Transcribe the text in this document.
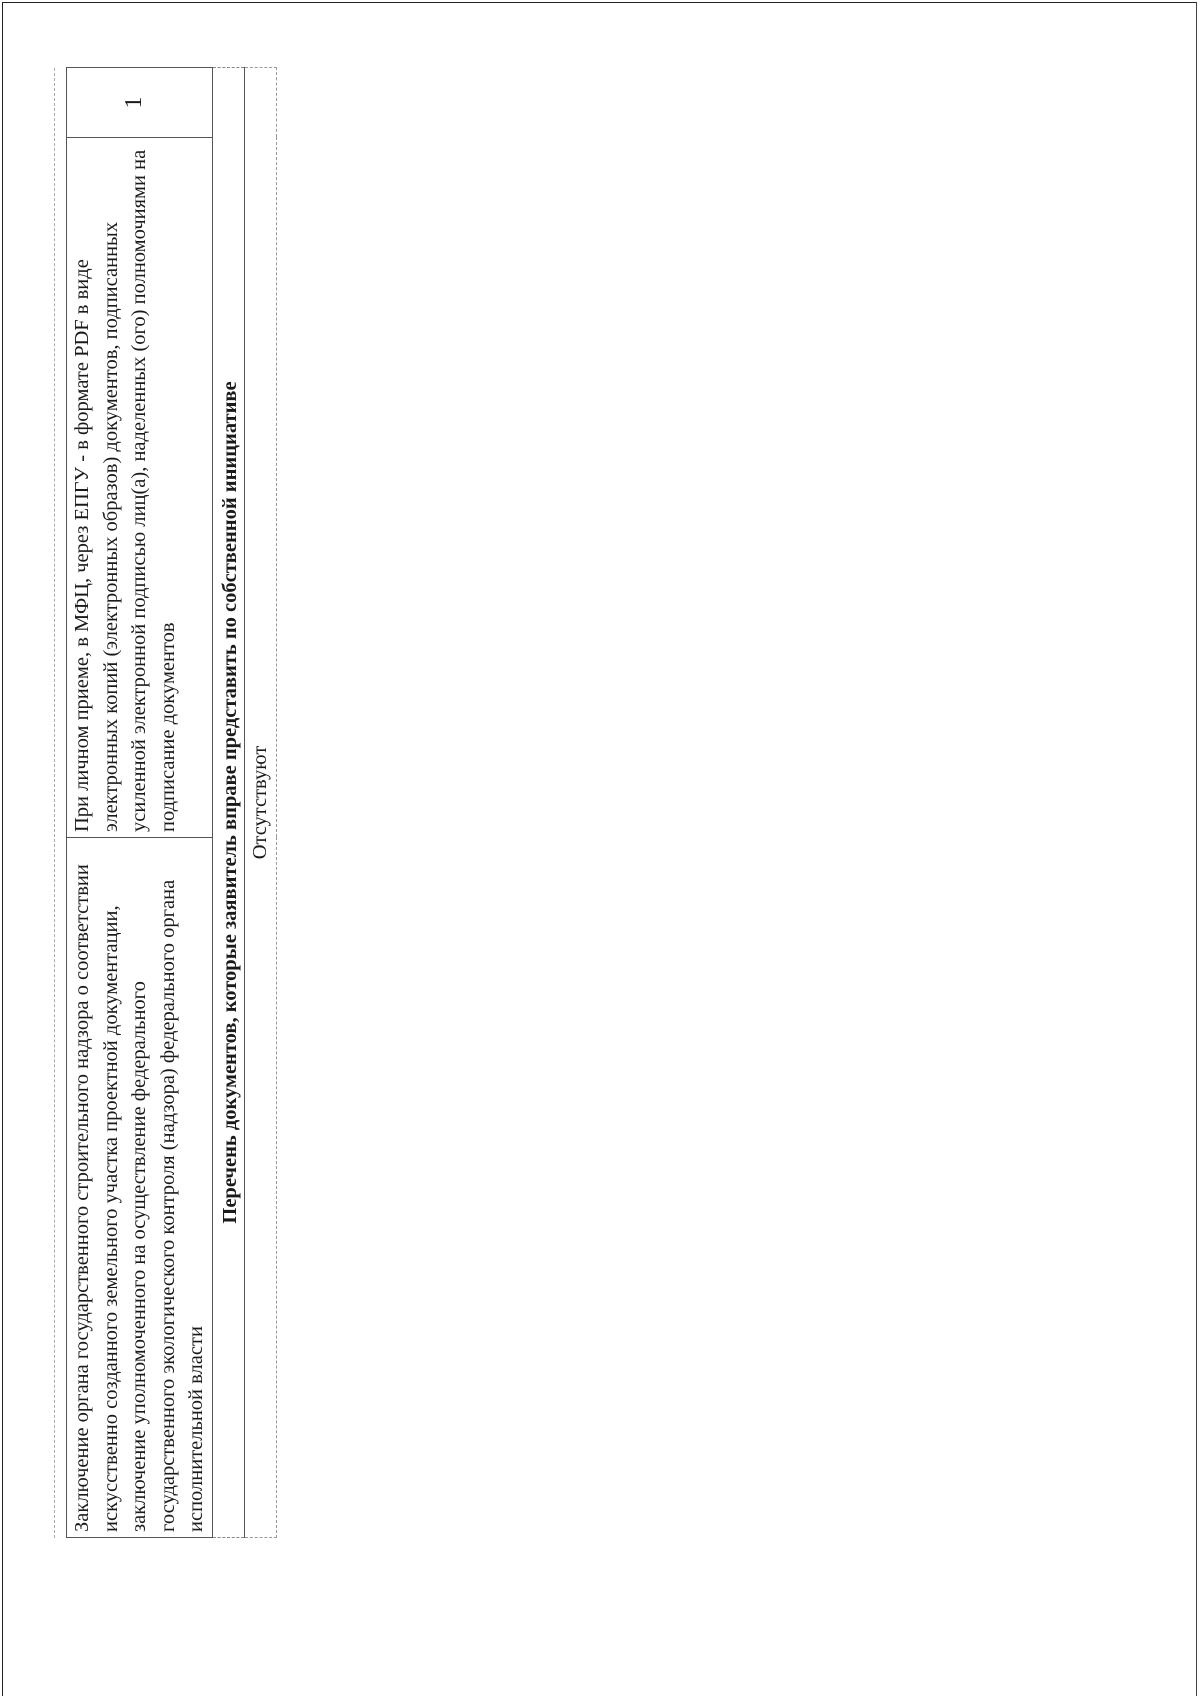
Заключение органа государственного строительного надзора о соответствии искусственно созданного земельного участка проектной документации, заключение уполномоченного на осуществление федерального государственного экологического контроля (надзора) федерального органа исполнительной власти	При личном приеме, в МФЦ, через ЕПГУ - в формате PDF в виде электронных копий (электронных образов) документов, подписанных усиленной электронной подписью лиц(а), наделенных (ого) полномочиями на подписание документов	1
Перечень документов, которые заявитель вправе представить по собственной инициативе
Отсутствуют
